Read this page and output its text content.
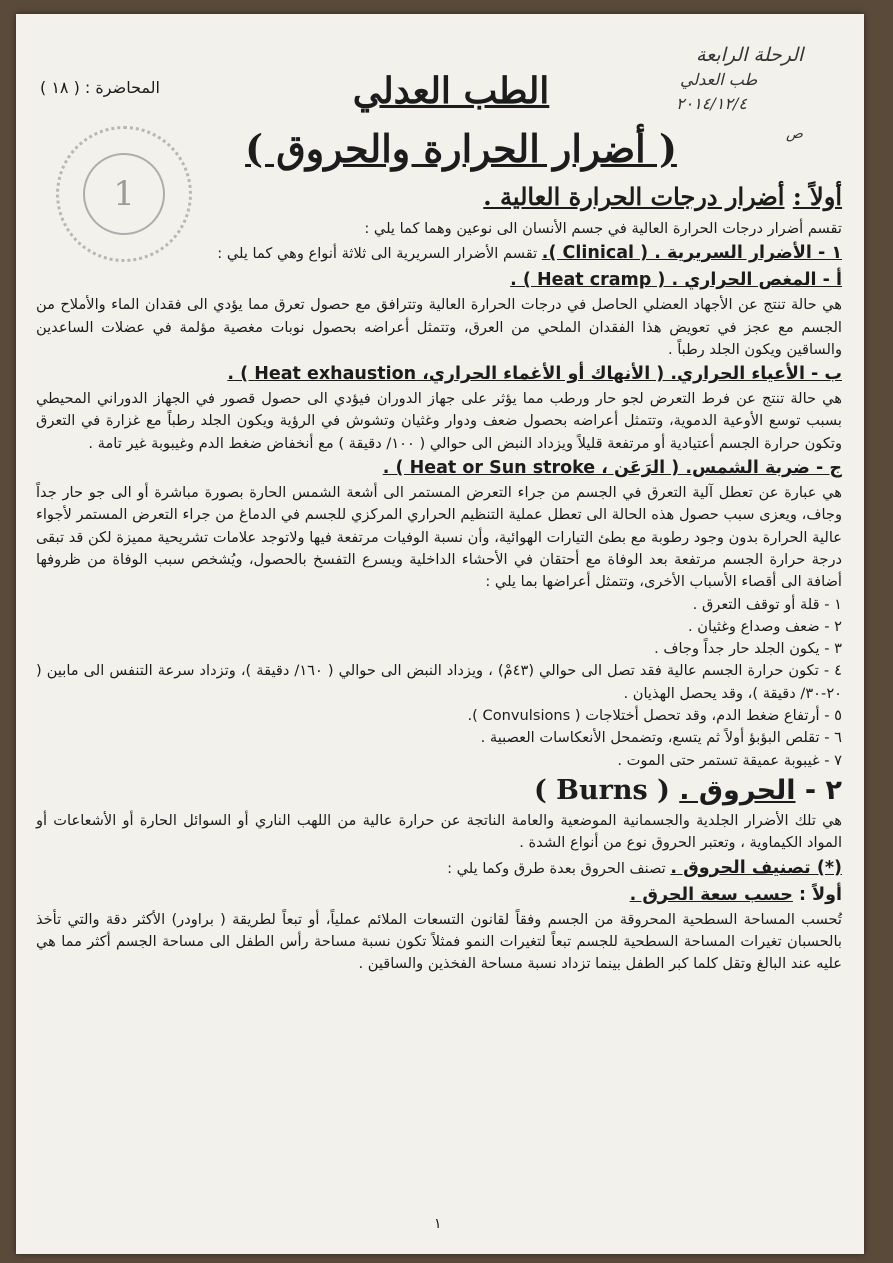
الرحلة الرابعة
طب العدلي
٢٠١٤/١٢/٤
ص
المحاضرة : ( ١٨ )	الطب العدلي
( أضرار الحرارة والحروق )
1	أولاً : أضرار درجات الحرارة العالية .

تقسم أضرار درجات الحرارة العالية في جسم الأنسان الى نوعين وهما كما يلي :

١ - الأضرار السريرية . ( Clinical ). تقسم الأضرار السريرية الى ثلاثة أنواع وهي كما يلي :

أ - المغص الحراري . ( Heat cramp ) .

هي حالة تنتج عن الأجهاد العضلي الحاصل في درجات الحرارة العالية وتترافق مع حصول تعرق مما يؤدي الى فقدان الماء والأملاح من الجسم مع عجز في تعويض هذا الفقدان الملحي من العرق، وتتمثل أعراضه بحصول نوبات مغصية مؤلمة في عضلات الساعدين والساقين ويكون الجلد رطباً .

ب - الأعياء الحراري. ( الأنهاك أو الأغماء الحراري، Heat exhaustion ) .

هي حالة تنتج عن فرط التعرض لجو حار ورطب مما يؤثر على جهاز الدوران فيؤدي الى حصول قصور في الجهاز الدوراني المحيطي بسبب توسع الأوعية الدموية، وتتمثل أعراضه بحصول ضعف ودوار وغثيان وتشوش في الرؤية ويكون الجلد رطباً مع غزارة في التعرق وتكون حرارة الجسم أعتيادية أو مرتفعة قليلاً ويزداد النبض الى حوالي ( ١٠٠/ دقيقة ) مع أنخفاض ضغط الدم وغيبوبة غير تامة .

ج - ضربة الشمس. ( الرَعَن ، Heat or Sun stroke ) .

هي عبارة عن تعطل آلية التعرق في الجسم من جراء التعرض المستمر الى أشعة الشمس الحارة بصورة مباشرة أو الى جو حار جداً وجاف، ويعزى سبب حصول هذه الحالة الى تعطل عملية التنظيم الحراري المركزي للجسم في الدماغ من جراء التعرض المستمر لأجواء عالية الحرارة بدون وجود رطوبة مع بطئ التيارات الهوائية، وأن نسبة الوفيات مرتفعة فيها ولاتوجد علامات تشريحية مميزة لكن قد تبقى درجة حرارة الجسم مرتفعة بعد الوفاة مع أحتقان في الأحشاء الداخلية ويسرع التفسخ بالحصول، ويُشخص سبب الوفاة من ظروفها أضافة الى أقصاء الأسباب الأخرى، وتتمثل أعراضها بما يلي :

١ - قلة أو توقف التعرق .
٢ - ضعف وصداع وغثيان .
٣ - يكون الجلد حار جداً وجاف .
٤ - تكون حرارة الجسم عالية فقد تصل الى حوالي (٤٣مْ) ، ويزداد النبض الى حوالي ( ١٦٠/ دقيقة )، وتزداد سرعة التنفس الى مابين ( ٢٠-٣٠/ دقيقة )، وقد يحصل الهذيان .
٥ - أرتفاع ضغط الدم، وقد تحصل أختلاجات ( Convulsions ).
٦ - تقلص البؤبؤ أولاً ثم يتسع، وتضمحل الأنعكاسات العصبية .
٧ - غيبوبة عميقة تستمر حتى الموت .

٢ - الحروق . ( Burns )

هي تلك الأضرار الجلدية والجسمانية الموضعية والعامة الناتجة عن حرارة عالية من اللهب الناري أو السوائل الحارة أو الأشعاعات أو المواد الكيماوية ، وتعتبر الحروق نوع من أنواع الشدة .

(*) تصنيف الحروق . تصنف الحروق بعدة طرق وكما يلي :

أولاً : حسب سعة الحرق .

تُحسب المساحة السطحية المحروقة من الجسم وفقاً لقانون التسعات الملائم عملياً، أو تبعاً لطريقة ( براودر) الأكثر دقة والتي تأخذ بالحسبان تغيرات المساحة السطحية للجسم تبعاً لتغيرات النمو فمثلاً تكون نسبة مساحة رأس الطفل الى مساحة الجسم أكثر مما هي عليه عند البالغ وتقل كلما كبر الطفل بينما تزداد نسبة مساحة الفخذين والساقين .

١
